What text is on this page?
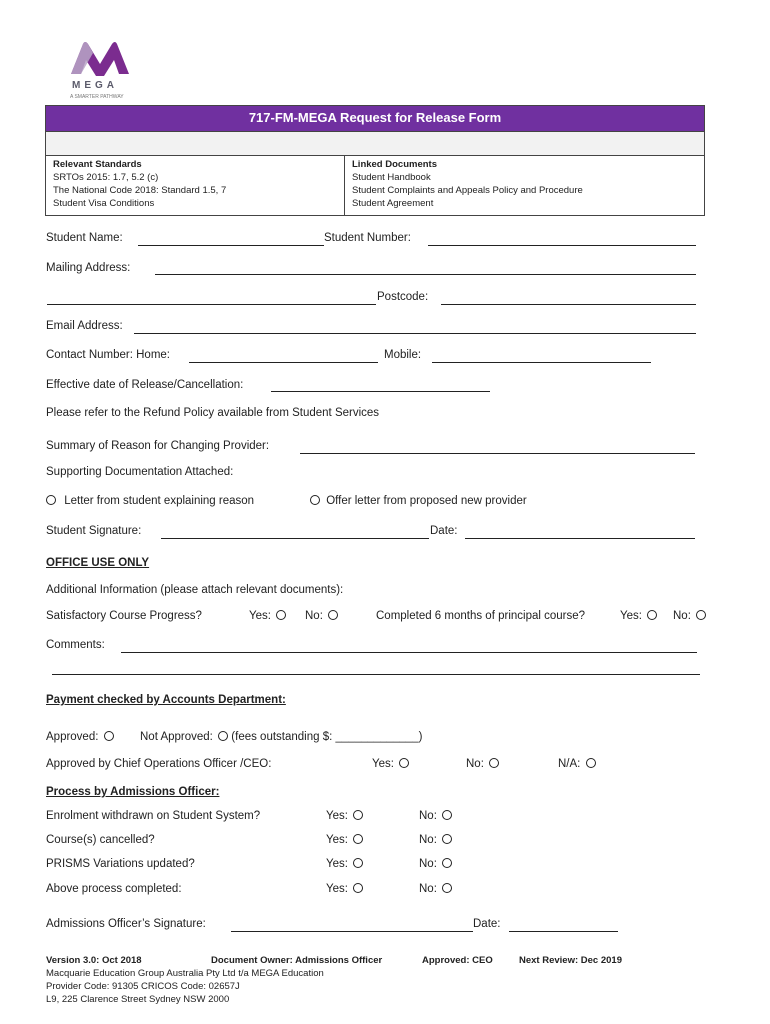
MEGA
A SMARTER PATHWAY
717-FM-MEGA Request for Release Form
Relevant Standards
SRTOs 2015: 1.7, 5.2 (c)
The National Code 2018: Standard 1.5, 7
Student Visa Conditions
Linked Documents
Student Handbook
Student Complaints and Appeals Policy and Procedure
Student Agreement
Student Name:	Student Number:
Mailing Address:
Postcode:
Email Address:
Contact Number: Home:	Mobile:
Effective date of Release/Cancellation:
Please refer to the Refund Policy available from Student Services
Summary of Reason for Changing Provider:
Supporting Documentation Attached:
Letter from student explaining reason	Offer letter from proposed new provider
Student Signature:	Date:
OFFICE USE ONLY
Additional Information (please attach relevant documents):
Satisfactory Course Progress?	Yes:	No:	Completed 6 months of principal course?	Yes:	No:
Comments:
Payment checked by Accounts Department:
Approved:	Not Approved: (fees outstanding $: _____________)
Approved by Chief Operations Officer /CEO:	Yes:	No:	N/A:
Process by Admissions Officer:
Enrolment withdrawn on Student System?	Yes:	No:
Course(s) cancelled?	Yes:	No:
PRISMS Variations updated?	Yes:	No:
Above process completed:	Yes:	No:
Admissions Officer’s Signature:	Date:
Version 3.0: Oct 2018	Document Owner: Admissions Officer	Approved: CEO	Next Review: Dec 2019
Macquarie Education Group Australia Pty Ltd t/a MEGA Education
Provider Code: 91305 CRICOS Code: 02657J
L9, 225 Clarence Street Sydney NSW 2000
